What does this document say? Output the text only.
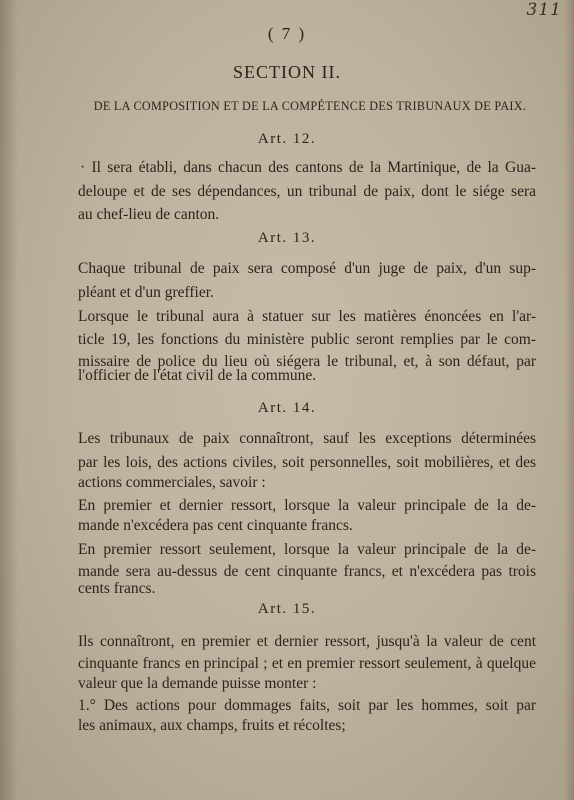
311
( 7 )
SECTION II.
DE LA COMPOSITION ET DE LA COMPÉTENCE DES TRIBUNAUX DE PAIX.
Art. 12.
· Il sera établi, dans chacun des cantons de la Martinique, de la Gua-
deloupe et de ses dépendances, un tribunal de paix, dont le siége sera
au chef-lieu de canton.
Art. 13.
Chaque tribunal de paix sera composé d'un juge de paix, d'un sup-
pléant et d'un greffier.
Lorsque le tribunal aura à statuer sur les matières énoncées en l'ar-
ticle 19, les fonctions du ministère public seront remplies par le com-
missaire de police du lieu où siégera le tribunal, et, à son défaut, par
l'officier de l'état civil de la commune.
Art. 14.
Les tribunaux de paix connaîtront, sauf les exceptions déterminées
par les lois, des actions civiles, soit personnelles, soit mobilières, et des
actions commerciales, savoir :
En premier et dernier ressort, lorsque la valeur principale de la de-
mande n'excédera pas cent cinquante francs.
En premier ressort seulement, lorsque la valeur principale de la de-
mande sera au-dessus de cent cinquante francs, et n'excédera pas trois
cents francs.
Art. 15.
Ils connaîtront, en premier et dernier ressort, jusqu'à la valeur de cent
cinquante francs en principal ; et en premier ressort seulement, à quelque
valeur que la demande puisse monter :
1.° Des actions pour dommages faits, soit par les hommes, soit par
les animaux, aux champs, fruits et récoltes;
